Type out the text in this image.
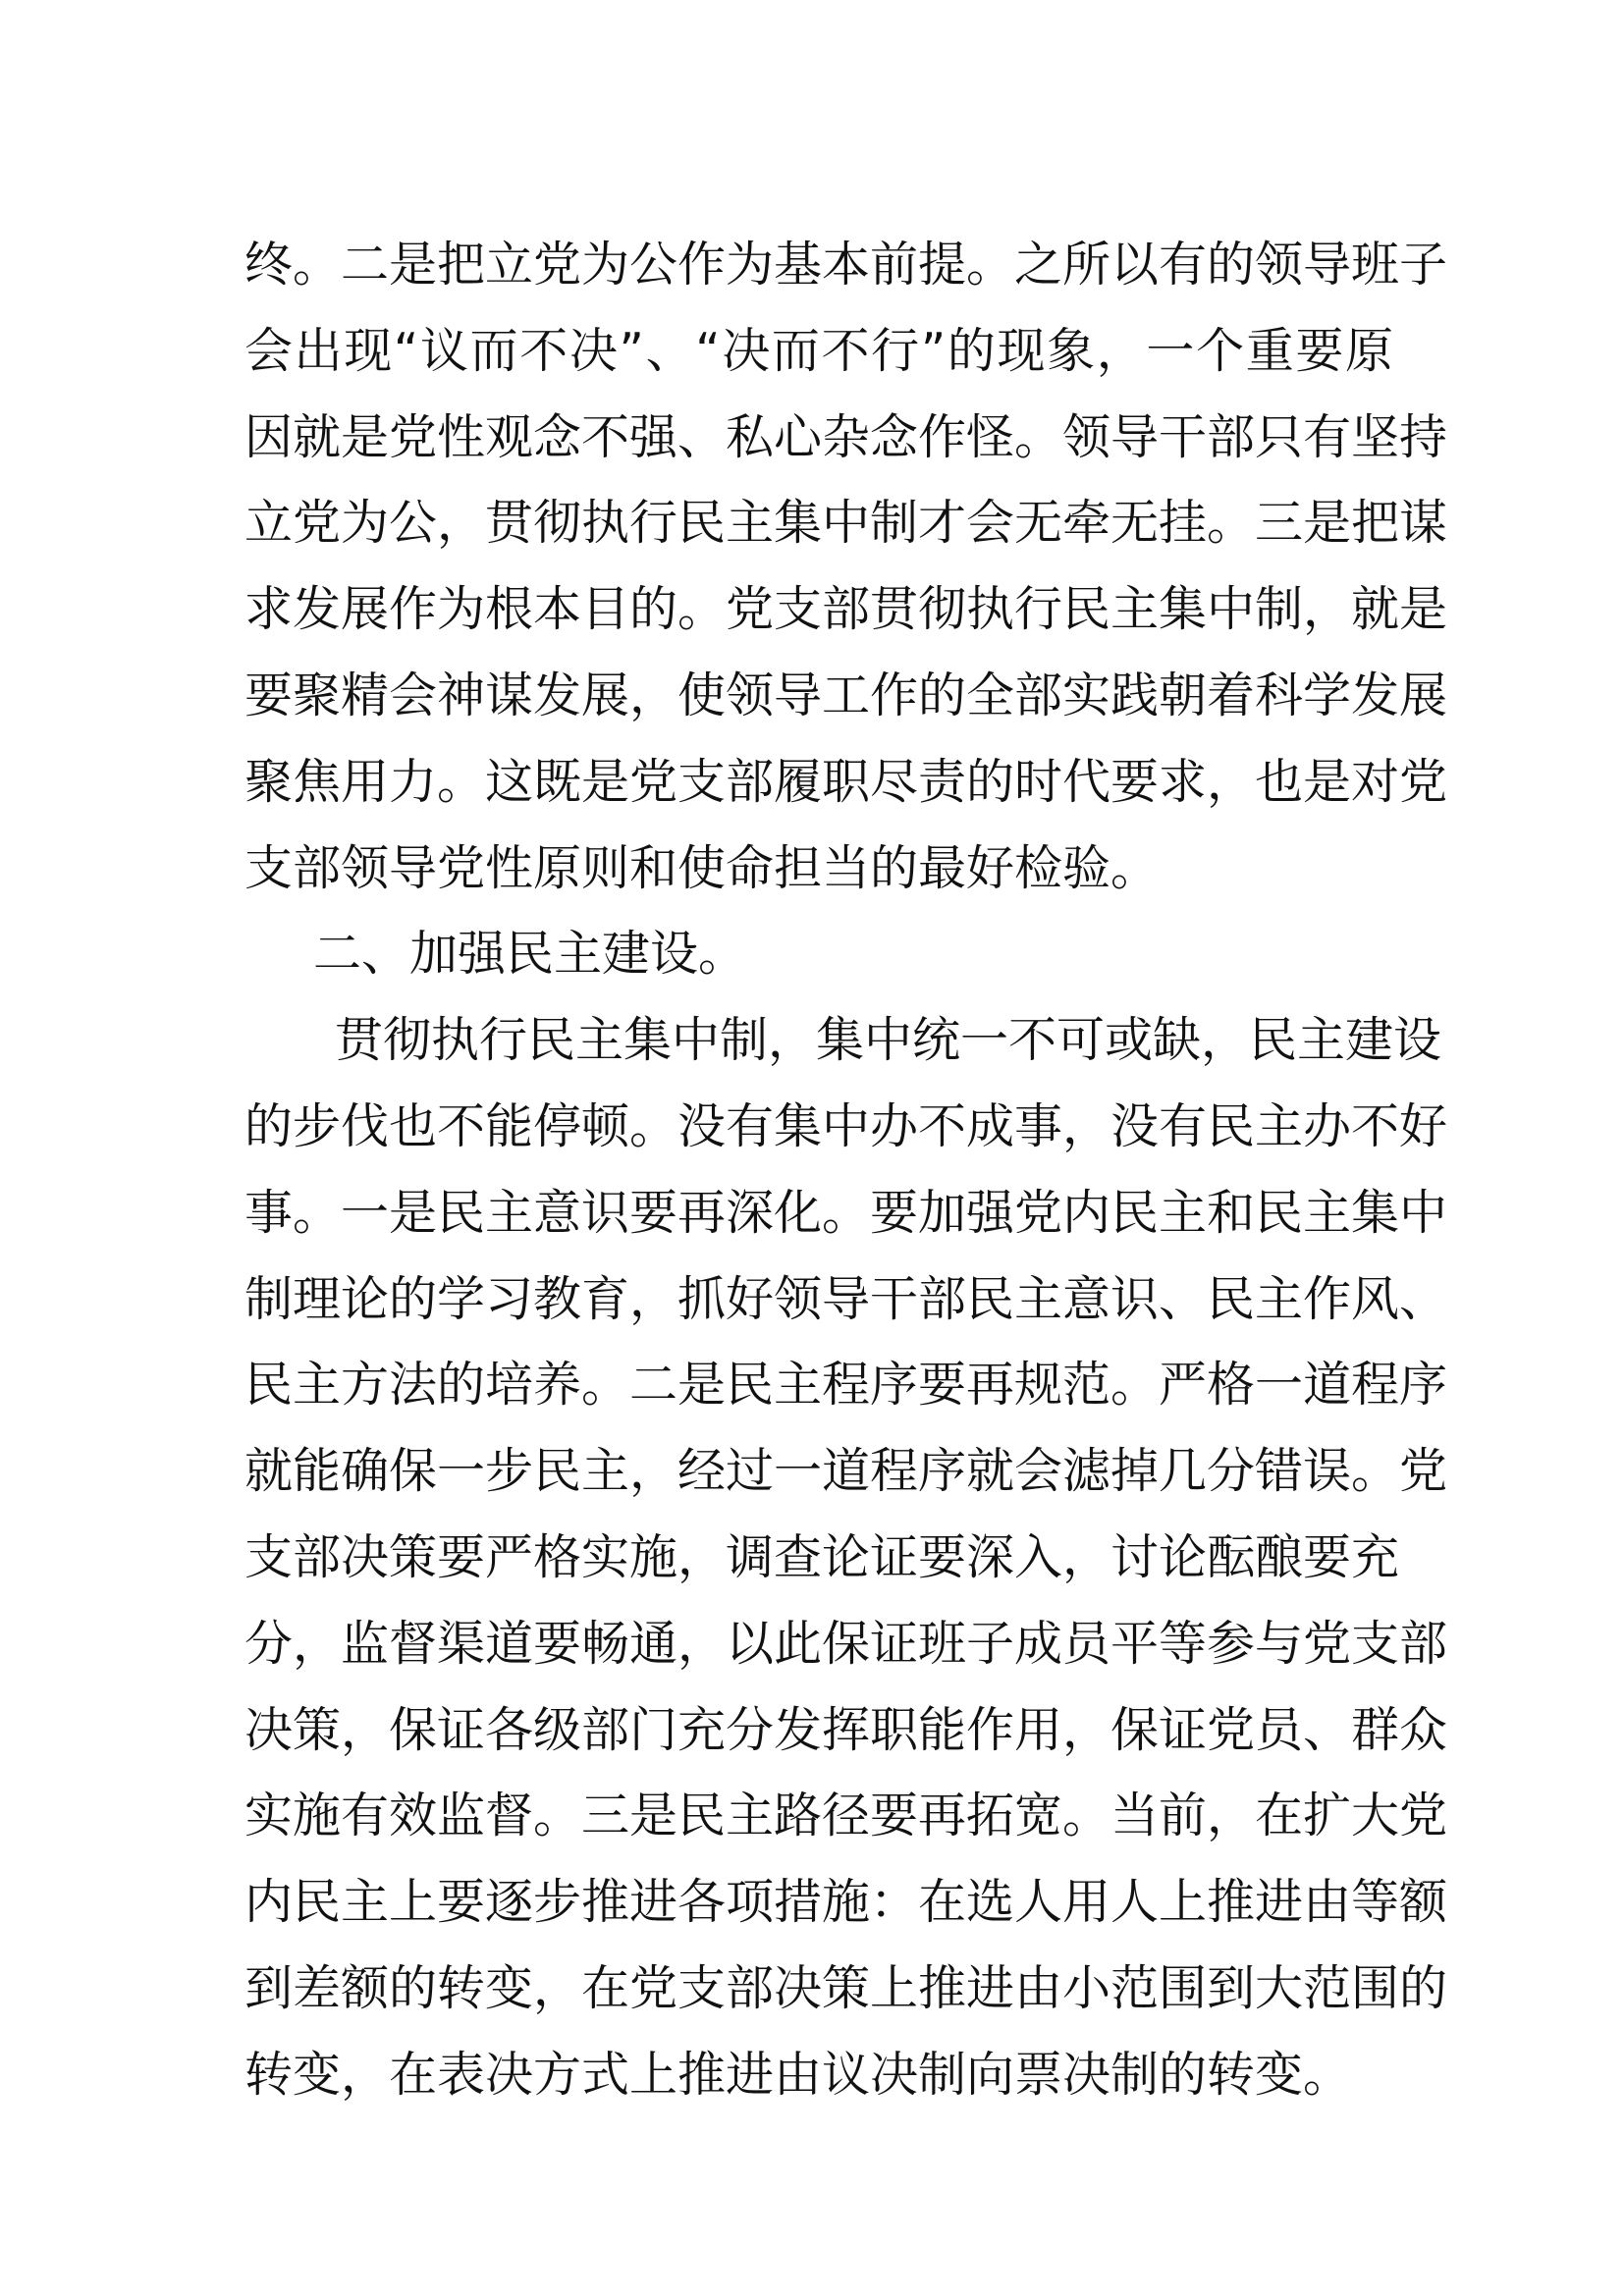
终。二是把立党为公作为基本前提。之所以有的领导班子
会出现“议而不决”、“决而不行”的现象，一个重要原
因就是党性观念不强、私心杂念作怪。领导干部只有坚持
立党为公，贯彻执行民主集中制才会无牵无挂。三是把谋
求发展作为根本目的。党支部贯彻执行民主集中制，就是
要聚精会神谋发展，使领导工作的全部实践朝着科学发展
聚焦用力。这既是党支部履职尽责的时代要求，也是对党
支部领导党性原则和使命担当的最好检验。
二、加强民主建设。
贯彻执行民主集中制，集中统一不可或缺，民主建设
的步伐也不能停顿。没有集中办不成事，没有民主办不好
事。一是民主意识要再深化。要加强党内民主和民主集中
制理论的学习教育，抓好领导干部民主意识、民主作风、
民主方法的培养。二是民主程序要再规范。严格一道程序
就能确保一步民主，经过一道程序就会滤掉几分错误。党
支部决策要严格实施，调查论证要深入，讨论酝酿要充
分，监督渠道要畅通，以此保证班子成员平等参与党支部
决策，保证各级部门充分发挥职能作用，保证党员、群众
实施有效监督。三是民主路径要再拓宽。当前，在扩大党
内民主上要逐步推进各项措施：在选人用人上推进由等额
到差额的转变，在党支部决策上推进由小范围到大范围的
转变，在表决方式上推进由议决制向票决制的转变。
